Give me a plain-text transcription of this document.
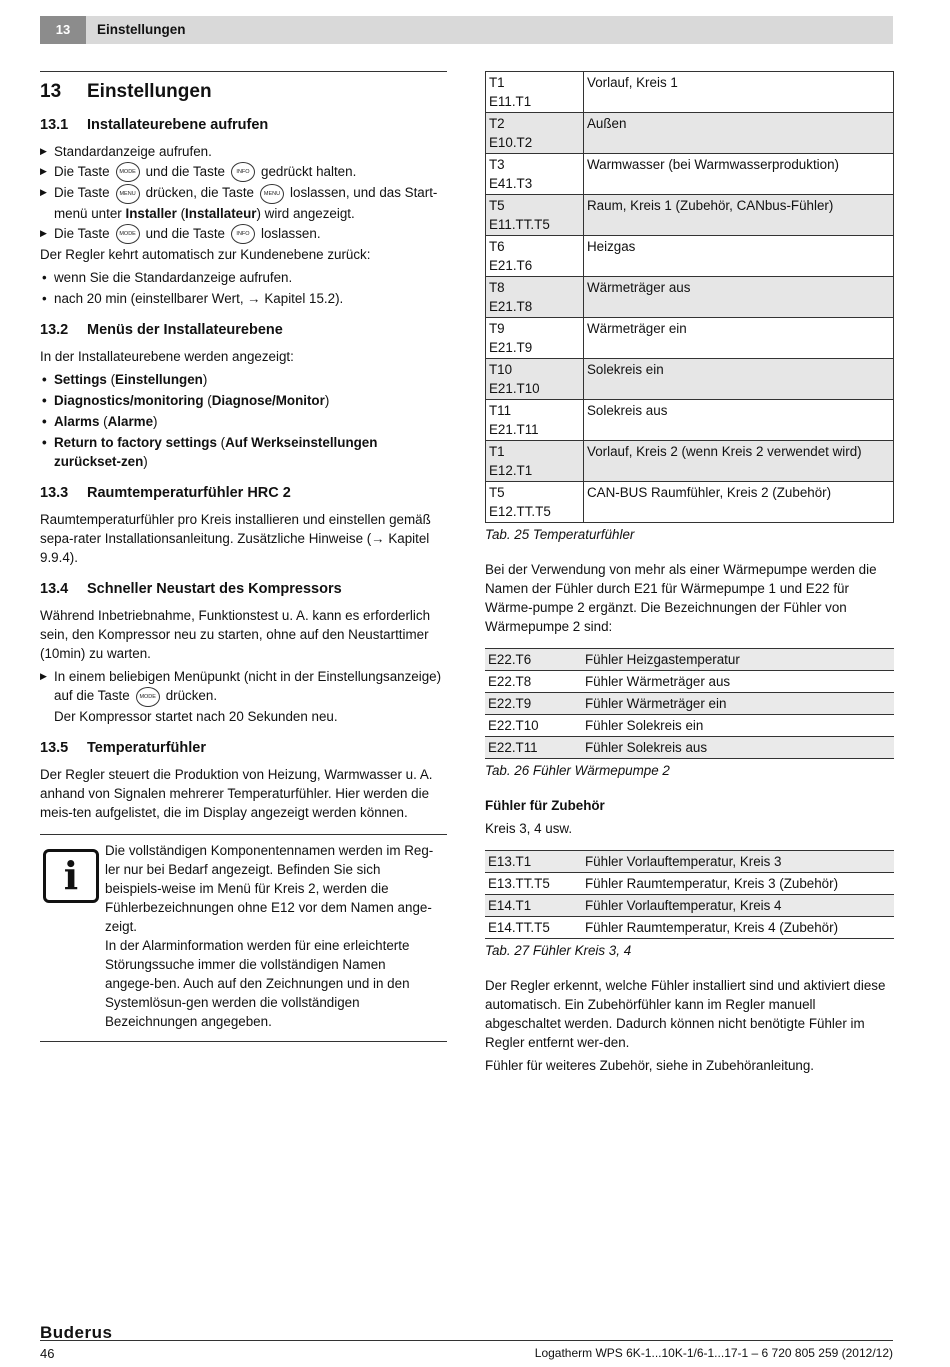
13	Einstellungen
13 Einstellungen
13.1 Installateurebene aufrufen
▶ Standardanzeige aufrufen.
▶ Die Taste MODE und die Taste INFO gedrückt halten.
▶ Die Taste MENU drücken, die Taste MENU loslassen, und das Start-
menü unter Installer (Installateur) wird angezeigt.
▶ Die Taste MODE und die Taste INFO loslassen.

Der Regler kehrt automatisch zur Kundenebene zurück:

• wenn Sie die Standardanzeige aufrufen.
• nach 20 min (einstellbarer Wert, → Kapitel 15.2).
13.2 Menüs der Installateurebene

In der Installateurebene werden angezeigt:

• Settings (Einstellungen)
• Diagnostics/monitoring (Diagnose/Monitor)
• Alarms (Alarme)
• Return to factory settings (Auf Werkseinstellungen zurückset-zen)
13.3 Raumtemperaturfühler HRC 2

Raumtemperaturfühler pro Kreis installieren und einstellen gemäß sepa-rater Installationsanleitung. Zusätzliche Hinweise (→ Kapitel 9.9.4).

13.4 Schneller Neustart des Kompressors

Während Inbetriebnahme, Funktionstest u. A. kann es erforderlich sein, den Kompressor neu zu starten, ohne auf den Neustarttimer (10min) zu warten.

▶ In einem beliebigen Menüpunkt (nicht in der Einstellungsanzeige) auf die Taste MODE drücken.
Der Kompressor startet nach 20 Sekunden neu.
13.5 Temperaturfühler

Der Regler steuert die Produktion von Heizung, Warmwasser u. A. anhand von Signalen mehrerer Temperaturfühler. Hier werden die meis-ten aufgelistet, die im Display angezeigt werden können.

i
Die vollständigen Komponentennamen werden im Reg-ler nur bei Bedarf angezeigt. Befinden Sie sich beispiels-weise im Menü für Kreis 2, werden die Fühlerbezeichnungen ohne E12 vor dem Namen ange-zeigt.
In der Alarminformation werden für eine erleichterte Störungssuche immer die vollständigen Namen angege-ben. Auch auf den Zeichnungen und in den Systemlösun-gen werden die vollständigen Bezeichnungen angegeben.
T1
E11.T1	Vorlauf, Kreis 1
T2
E10.T2	Außen
T3
E41.T3	Warmwasser (bei Warmwasserproduktion)
T5
E11.TT.T5	Raum, Kreis 1 (Zubehör, CANbus-Fühler)
T6
E21.T6	Heizgas
T8
E21.T8	Wärmeträger aus
T9
E21.T9	Wärmeträger ein
T10
E21.T10	Solekreis ein
T11
E21.T11	Solekreis aus
T1
E12.T1	Vorlauf, Kreis 2 (wenn Kreis 2 verwendet wird)
T5
E12.TT.T5	CAN-BUS Raumfühler, Kreis 2 (Zubehör)
Tab. 25 Temperaturfühler

Bei der Verwendung von mehr als einer Wärmepumpe werden die Namen der Fühler durch E21 für Wärmepumpe 1 und E22 für Wärme-pumpe 2 ergänzt. Die Bezeichnungen der Fühler von Wärmepumpe 2 sind:

E22.T6	Fühler Heizgastemperatur
E22.T8	Fühler Wärmeträger aus
E22.T9	Fühler Wärmeträger ein
E22.T10	Fühler Solekreis ein
E22.T11	Fühler Solekreis aus
Tab. 26 Fühler Wärmepumpe 2

Fühler für Zubehör

Kreis 3, 4 usw.

E13.T1	Fühler Vorlauftemperatur, Kreis 3
E13.TT.T5	Fühler Raumtemperatur, Kreis 3 (Zubehör)
E14.T1	Fühler Vorlauftemperatur, Kreis 4
E14.TT.T5	Fühler Raumtemperatur, Kreis 4 (Zubehör)
Tab. 27 Fühler Kreis 3, 4

Der Regler erkennt, welche Fühler installiert sind und aktiviert diese automatisch. Ein Zubehörfühler kann im Regler manuell abgeschaltet werden. Dadurch können nicht benötigte Fühler im Regler entfernt wer-den.

Fühler für weiteres Zubehör, siehe in Zubehöranleitung.

Buderus
46	Logatherm WPS 6K-1...10K-1/6-1...17-1 – 6 720 805 259 (2012/12)
